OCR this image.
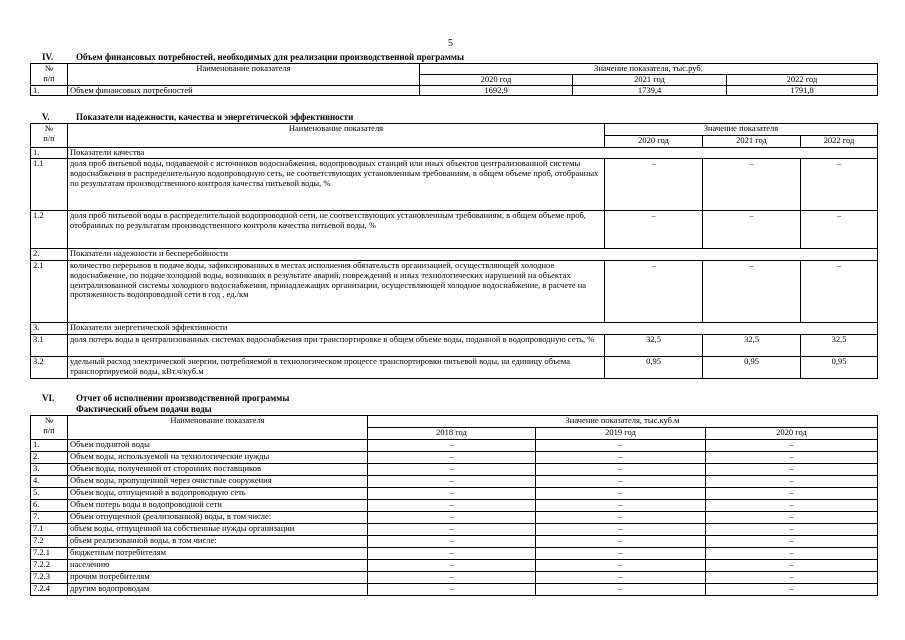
5
IV.	Объем финансовых потребностей, необходимых для реализации производственной программы
№
п/п	Наименование показателя	Значение показателя, тыс.руб.		
		2020 год	2021 год	2022 год
1.	Объем финансовых потребностей	1692,9	1739,4	1791,8
V.	Показатели надежности, качества и энергетической эффективности
№
п/п	Наименование показателя	Значение показателя		
		2020 год	2021 год	2022 год
1.	Показатели качества			
1.1	доля проб питьевой воды, подаваемой с источников водоснабжения, водопроводных станций или иных объектов централизованной системы водоснабжения в распределительную водопроводную сеть, не соответствующих установленным требованиям, в общем объеме проб, отобранных по результатам производственного контроля качества питьевой воды, %	–	–	–
1.2	доля проб питьевой воды в распределительной водопроводной сети, не соответствующих установленным требованиям, в общем объеме проб, отобранных по результатам производственного контроля качества питьевой воды, %	–	–	–
2.	Показатели надежности и бесперебойности			
2.1	количество перерывов в подаче воды, зафиксированных в местах исполнения обязательств организацией, осуществляющей холодное водоснабжение, по подаче холодной воды, возникших в результате аварий, повреждений и иных технологических нарушений на объектах централизованной системы холодного водоснабжения, принадлежащих организации, осуществляющей холодное водоснабжение, в расчете на протяженность водопроводной сети в год , ед./км	–	–	–
3.	Показатели энергетической эффективности			
3.1	доля потерь воды в централизованных системах водоснабжения при транспортировке в общем объеме воды, поданной в водопроводную сеть, %	32,5	32,5	32,5
3.2	удельный расход электрической энергии, потребляемой в технологическом процессе транспортировки питьевой воды, на единицу объема транспортируемой воды, кВт.ч/куб.м	0,95	0,95	0,95
VI. Отчет об исполнении производственной программы
Фактический объем подачи воды
№
п/п	Наименование показателя	Значение показателя, тыс.куб.м		
		2018 год	2019 год	2020 год
1.	Объем поднятой воды	–	–	–
2.	Объем воды, используемой на технологические нужды	–	–	–
3.	Объем воды, полученной от сторонних поставщиков	–	–	–
4.	Объем воды, пропущенной через очистные сооружения	–	–	–
5.	Объем воды, отпущенной в водопроводную сеть	–	–	–
6.	Объем потерь воды в водопроводной сети	–	–	–
7.	Объем отпущенной (реализованной) воды, в том числе:	–	–	–
7.1	объем воды, отпущенной на собственные нужды организации	–	–	–
7.2	объем реализованной воды, в том числе:	–	–	–
7.2.1	бюджетным потребителям	–	–	–
7.2.2	населению	–	–	–
7.2.3	прочим потребителям	–	–	–
7.2.4	другим водопроводам	–	–	–
